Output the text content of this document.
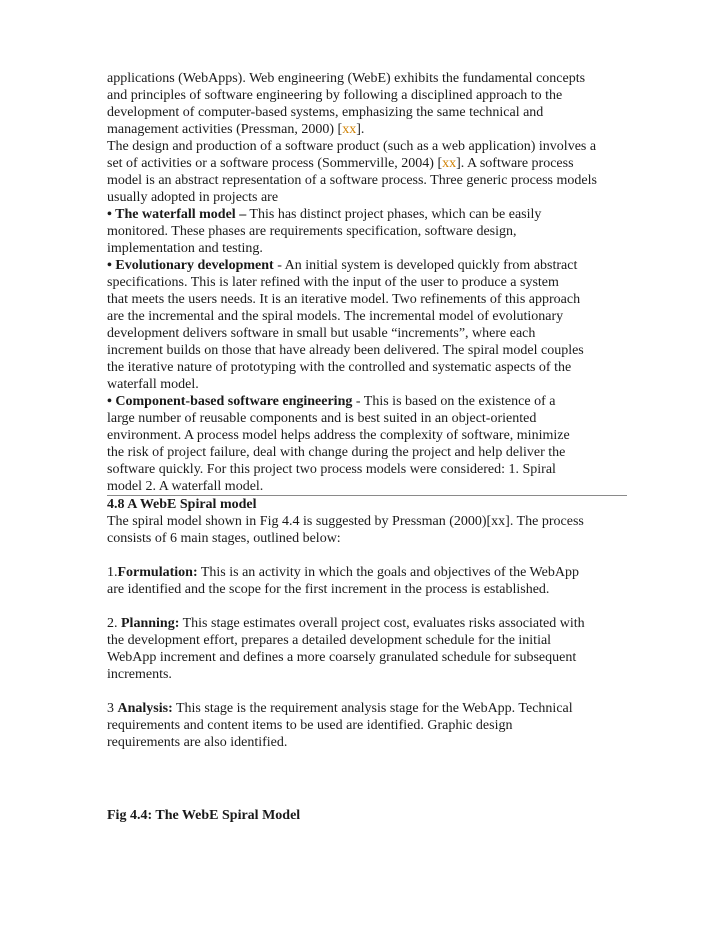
applications (WebApps). Web engineering (WebE) exhibits the fundamental concepts
and principles of software engineering by following a disciplined approach to the
development of computer-based systems, emphasizing the same technical and
management activities (Pressman, 2000) [xx].
The design and production of a software product (such as a web application) involves a
set of activities or a software process (Sommerville, 2004) [xx]. A software process
model is an abstract representation of a software process. Three generic process models
usually adopted in projects are
• The waterfall model – This has distinct project phases, which can be easily
monitored. These phases are requirements specification, software design,
implementation and testing.
• Evolutionary development - An initial system is developed quickly from abstract
specifications. This is later refined with the input of the user to produce a system
that meets the users needs. It is an iterative model. Two refinements of this approach
are the incremental and the spiral models. The incremental model of evolutionary
development delivers software in small but usable “increments”, where each
increment builds on those that have already been delivered. The spiral model couples
the iterative nature of prototyping with the controlled and systematic aspects of the
waterfall model.
• Component-based software engineering - This is based on the existence of a
large number of reusable components and is best suited in an object-oriented
environment. A process model helps address the complexity of software, minimize
the risk of project failure, deal with change during the project and help deliver the
software quickly. For this project two process models were considered: 1. Spiral
model 2. A waterfall model.
4.8 A WebE Spiral model
The spiral model shown in Fig 4.4 is suggested by Pressman (2000)[xx]. The process
consists of 6 main stages, outlined below:
1.Formulation: This is an activity in which the goals and objectives of the WebApp
are identified and the scope for the first increment in the process is established.
2. Planning: This stage estimates overall project cost, evaluates risks associated with
the development effort, prepares a detailed development schedule for the initial
WebApp increment and defines a more coarsely granulated schedule for subsequent
increments.
3 Analysis: This stage is the requirement analysis stage for the WebApp. Technical
requirements and content items to be used are identified. Graphic design
requirements are also identified.
Fig 4.4: The WebE Spiral Model
